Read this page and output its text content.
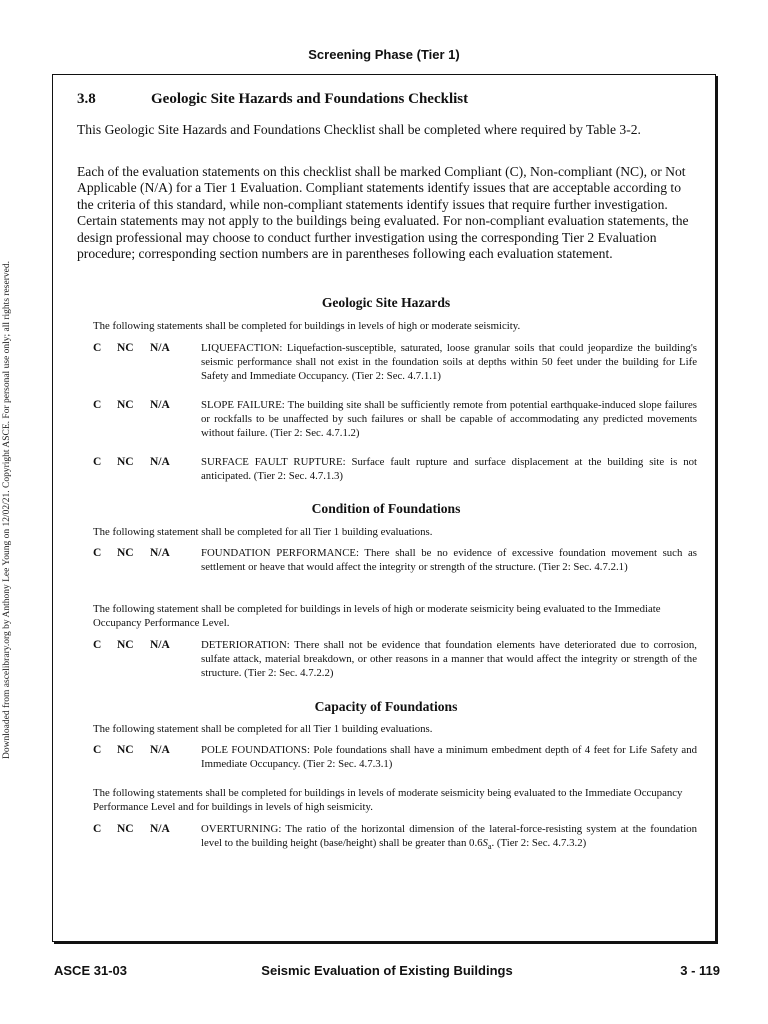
Downloaded from ascelibrary.org by Anthony Lee Young on 12/02/21. Copyright ASCE. For personal use only; all rights reserved.
Screening Phase (Tier 1)
3.8	Geologic Site Hazards and Foundations Checklist
This Geologic Site Hazards and Foundations Checklist shall be completed where required by Table 3-2.
Each of the evaluation statements on this checklist shall be marked Compliant (C), Non-compliant (NC), or Not Applicable (N/A) for a Tier 1 Evaluation. Compliant statements identify issues that are acceptable according to the criteria of this standard, while non-compliant statements identify issues that require further investigation. Certain statements may not apply to the buildings being evaluated. For non-compliant evaluation statements, the design professional may choose to conduct further investigation using the corresponding Tier 2 Evaluation procedure; corresponding section numbers are in parentheses following each evaluation statement.
Geologic Site Hazards
The following statements shall be completed for buildings in levels of high or moderate seismicity.
C NC N/A	LIQUEFACTION: Liquefaction-susceptible, saturated, loose granular soils that could jeopardize the building's seismic performance shall not exist in the foundation soils at depths within 50 feet under the building for Life Safety and Immediate Occupancy. (Tier 2: Sec. 4.7.1.1)
C NC N/A	SLOPE FAILURE: The building site shall be sufficiently remote from potential earthquake-induced slope failures or rockfalls to be unaffected by such failures or shall be capable of accommodating any predicted movements without failure. (Tier 2: Sec. 4.7.1.2)
C NC N/A	SURFACE FAULT RUPTURE: Surface fault rupture and surface displacement at the building site is not anticipated. (Tier 2: Sec. 4.7.1.3)
Condition of Foundations
The following statement shall be completed for all Tier 1 building evaluations.
C NC N/A	FOUNDATION PERFORMANCE: There shall be no evidence of excessive foundation movement such as settlement or heave that would affect the integrity or strength of the structure. (Tier 2: Sec. 4.7.2.1)
The following statement shall be completed for buildings in levels of high or moderate seismicity being evaluated to the Immediate Occupancy Performance Level.
C NC N/A	DETERIORATION: There shall not be evidence that foundation elements have deteriorated due to corrosion, sulfate attack, material breakdown, or other reasons in a manner that would affect the integrity or strength of the structure. (Tier 2: Sec. 4.7.2.2)
Capacity of Foundations
The following statement shall be completed for all Tier 1 building evaluations.
C NC N/A	POLE FOUNDATIONS: Pole foundations shall have a minimum embedment depth of 4 feet for Life Safety and Immediate Occupancy. (Tier 2: Sec. 4.7.3.1)
The following statements shall be completed for buildings in levels of moderate seismicity being evaluated to the Immediate Occupancy Performance Level and for buildings in levels of high seismicity.
C NC N/A	OVERTURNING: The ratio of the horizontal dimension of the lateral-force-resisting system at the foundation level to the building height (base/height) shall be greater than $0.6S_a$. (Tier 2: Sec. 4.7.3.2)
ASCE 31-03	Seismic Evaluation of Existing Buildings	3 - 119
